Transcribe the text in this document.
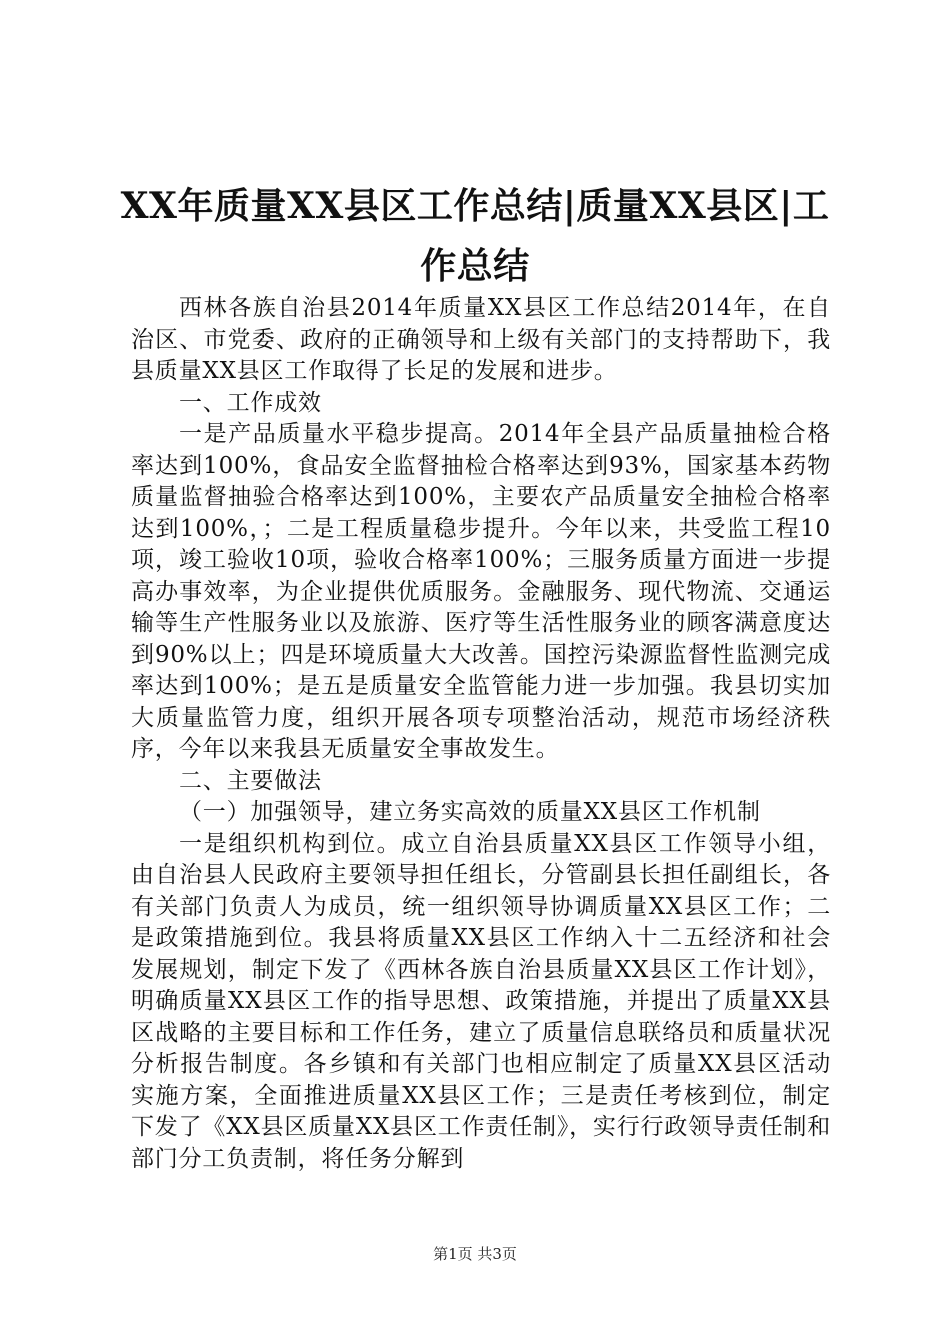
XX年质量XX县区工作总结|质量XX县区|工作总结

西林各族自治县2014年质量XX县区工作总结2014年，在自治区、市党委、政府的正确领导和上级有关部门的支持帮助下，我县质量XX县区工作取得了长足的发展和进步。

一、工作成效

一是产品质量水平稳步提高。2014年全县产品质量抽检合格率达到100%，食品安全监督抽检合格率达到93%，国家基本药物质量监督抽验合格率达到100%，主要农产品质量安全抽检合格率达到100%，；二是工程质量稳步提升。今年以来，共受监工程10项，竣工验收10项，验收合格率100%；三服务质量方面进一步提高办事效率，为企业提供优质服务。金融服务、现代物流、交通运输等生产性服务业以及旅游、医疗等生活性服务业的顾客满意度达到90%以上；四是环境质量大大改善。国控污染源监督性监测完成率达到100%；是五是质量安全监管能力进一步加强。我县切实加大质量监管力度，组织开展各项专项整治活动，规范市场经济秩序，今年以来我县无质量安全事故发生。

二、主要做法

（一）加强领导，建立务实高效的质量XX县区工作机制

一是组织机构到位。成立自治县质量XX县区工作领导小组，由自治县人民政府主要领导担任组长，分管副县长担任副组长，各有关部门负责人为成员，统一组织领导协调质量XX县区工作；二是政策措施到位。我县将质量XX县区工作纳入十二五经济和社会发展规划，制定下发了《西林各族自治县质量XX县区工作计划》，明确质量XX县区工作的指导思想、政策措施，并提出了质量XX县区战略的主要目标和工作任务，建立了质量信息联络员和质量状况分析报告制度。各乡镇和有关部门也相应制定了质量XX县区活动实施方案，全面推进质量XX县区工作；三是责任考核到位，制定下发了《XX县区质量XX县区工作责任制》，实行行政领导责任制和部门分工负责制，将任务分解到

第1页 共3页
